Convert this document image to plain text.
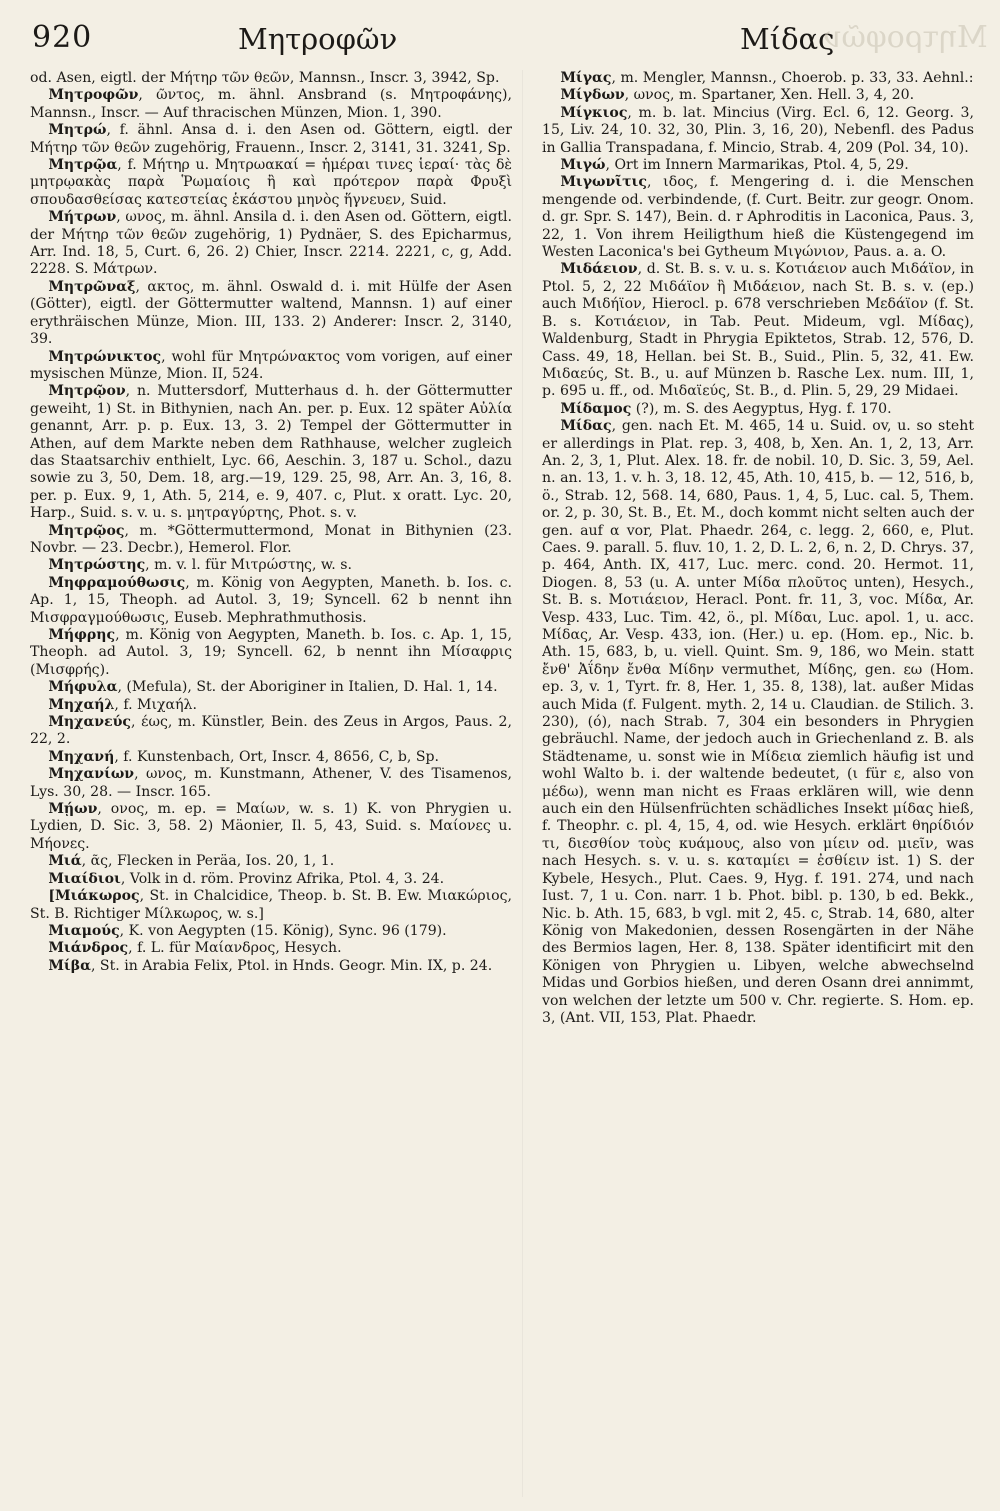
920	Μητροφῶν	Μίδας
Μητροφῶν

od. Asen, eigtl. der Μήτηρ τῶν θεῶν, Mannsn., Inscr. 3, 3942, Sp.

Μητροφῶν, ῶντος, m. ähnl. Ansbrand (s. Μητροφάνης), Mannsn., Inscr. — Auf thracischen Münzen, Mion. 1, 390.

Μητρώ, f. ähnl. Ansa d. i. den Asen od. Göttern, eigtl. der Μήτηρ τῶν θεῶν zugehörig, Frauenn., Inscr. 2, 3141, 31. 3241, Sp.

Μητρῷα, f. Μήτηρ u. Μητρωακαί = ἡμέραι τινες ἱεραί· τὰς δὲ μητρῳακὰς παρὰ Ῥωμαίοις ἢ καὶ πρότερον παρὰ Φρυξὶ σπουδασθείσας κατεστείας ἑκάστου μηνὸς ἥγνευεν, Suid.

Μήτρων, ωνος, m. ähnl. Ansila d. i. den Asen od. Göttern, eigtl. der Μήτηρ τῶν θεῶν zugehörig, 1) Pydnäer, S. des Epicharmus, Arr. Ind. 18, 5, Curt. 6, 26. 2) Chier, Inscr. 2214. 2221, c, g, Add. 2228. S. Μάτρων.

Μητρῶναξ, ακτος, m. ähnl. Oswald d. i. mit Hülfe der Asen (Götter), eigtl. der Göttermutter waltend, Mannsn. 1) auf einer erythräischen Münze, Mion. III, 133. 2) Anderer: Inscr. 2, 3140, 39.

Μητρώνικτος, wohl für Μητρώνακτος vom vorigen, auf einer mysischen Münze, Mion. II, 524.

Μητρῷον, n. Muttersdorf, Mutterhaus d. h. der Göttermutter geweiht, 1) St. in Bithynien, nach An. per. p. Eux. 12 später Αὐλία genannt, Arr. p. p. Eux. 13, 3. 2) Tempel der Göttermutter in Athen, auf dem Markte neben dem Rathhause, welcher zugleich das Staatsarchiv enthielt, Lyc. 66, Aeschin. 3, 187 u. Schol., dazu sowie zu 3, 50, Dem. 18, arg.—19, 129. 25, 98, Arr. An. 3, 16, 8. per. p. Eux. 9, 1, Ath. 5, 214, e. 9, 407. c, Plut. x oratt. Lyc. 20, Harp., Suid. s. v. u. s. μητραγύρτης, Phot. s. v.

Μητρῷος, m. *Göttermuttermond, Monat in Bithynien (23. Novbr. — 23. Decbr.), Hemerol. Flor.

Μητρώστης, m. v. l. für Μιτρώστης, w. s.

Μηφραμούθωσις, m. König von Aegypten, Maneth. b. Ios. c. Ap. 1, 15, Theoph. ad Autol. 3, 19; Syncell. 62 b nennt ihn Μισφραγμούθωσις, Euseb. Mephrathmuthosis.

Μήφρης, m. König von Aegypten, Maneth. b. Ios. c. Ap. 1, 15, Theoph. ad Autol. 3, 19; Syncell. 62, b nennt ihn Μίσαφρις (Μισφρής).

Μήφυλα, (Mefula), St. der Aboriginer in Italien, D. Hal. 1, 14.

Μηχαήλ, f. Μιχαήλ.

Μηχανεύς, έως, m. Künstler, Bein. des Zeus in Argos, Paus. 2, 22, 2.

Μηχανή, f. Kunstenbach, Ort, Inscr. 4, 8656, C, b, Sp.

Μηχανίων, ωνος, m. Kunstmann, Athener, V. des Tisamenos, Lys. 30, 28. — Inscr. 165.

Μῄων, ονος, m. ep. = Μαίων, w. s. 1) K. von Phrygien u. Lydien, D. Sic. 3, 58. 2) Mäonier, Il. 5, 43, Suid. s. Μαίονες u. Μήονες.

Μιά, ᾶς, Flecken in Peräa, Ios. 20, 1, 1.

Μιαίδιοι, Volk in d. röm. Provinz Afrika, Ptol. 4, 3. 24.

[Μιάκωρος, St. in Chalcidice, Theop. b. St. B. Ew. Μιακώριος, St. B. Richtiger Μίλκωρος, w. s.]

Μιαμούς, K. von Aegypten (15. König), Sync. 96 (179).

Μιάνδρος, f. L. für Μαίανδρος, Hesych.

Μίβα, St. in Arabia Felix, Ptol. in Hnds. Geogr. Min. IX, p. 24.

Μίγας, m. Mengler, Mannsn., Choerob. p. 33, 33. Aehnl.:

Μίγδων, ωνος, m. Spartaner, Xen. Hell. 3, 4, 20.

Μίγκιος, m. b. lat. Mincius (Virg. Ecl. 6, 12. Georg. 3, 15, Liv. 24, 10. 32, 30, Plin. 3, 16, 20), Nebenfl. des Padus in Gallia Transpadana, f. Mincio, Strab. 4, 209 (Pol. 34, 10).

Μιγώ, Ort im Innern Marmarikas, Ptol. 4, 5, 29.

Μιγωνῖτις, ιδος, f. Mengering d. i. die Menschen mengende od. verbindende, (f. Curt. Beitr. zur geogr. Onom. d. gr. Spr. S. 147), Bein. d. r Aphroditis in Laconica, Paus. 3, 22, 1. Von ihrem Heiligthum hieß die Küstengegend im Westen Laconica's bei Gytheum Μιγώνιον, Paus. a. a. O.

Μιδάειον, d. St. B. s. v. u. s. Κοτιάειον auch Μιδάϊον, in Ptol. 5, 2, 22 Μιδάϊον ἢ Μιδάειον, nach St. B. s. v. (ep.) auch Μιδήϊον, Hierocl. p. 678 verschrieben Μεδάϊον (f. St. B. s. Κοτιάειον, in Tab. Peut. Mideum, vgl. Μίδας), Waldenburg, Stadt in Phrygia Epiktetos, Strab. 12, 576, D. Cass. 49, 18, Hellan. bei St. B., Suid., Plin. 5, 32, 41. Ew. Μιδαεύς, St. B., u. auf Münzen b. Rasche Lex. num. III, 1, p. 695 u. ff., od. Μιδαϊεύς, St. B., d. Plin. 5, 29, 29 Midaei.

Μίδαμος (?), m. S. des Aegyptus, Hyg. f. 170.

Μίδας, gen. nach Et. M. 465, 14 u. Suid. ov, u. so steht er allerdings in Plat. rep. 3, 408, b, Xen. An. 1, 2, 13, Arr. An. 2, 3, 1, Plut. Alex. 18. fr. de nobil. 10, D. Sic. 3, 59, Ael. n. an. 13, 1. v. h. 3, 18. 12, 45, Ath. 10, 415, b. — 12, 516, b, ö., Strab. 12, 568. 14, 680, Paus. 1, 4, 5, Luc. cal. 5, Them. or. 2, p. 30, St. B., Et. M., doch kommt nicht selten auch der gen. auf α vor, Plat. Phaedr. 264, c. legg. 2, 660, e, Plut. Caes. 9. parall. 5. fluv. 10, 1. 2, D. L. 2, 6, n. 2, D. Chrys. 37, p. 464, Anth. IX, 417, Luc. merc. cond. 20. Hermot. 11, Diogen. 8, 53 (u. A. unter Μίδα πλοῦτος unten), Hesych., St. B. s. Μοτιάειον, Heracl. Pont. fr. 11, 3, voc. Μίδα, Ar. Vesp. 433, Luc. Tim. 42, ö., pl. Μίδαι, Luc. apol. 1, u. acc. Μίδας, Ar. Vesp. 433, ion. (Her.) u. ep. (Hom. ep., Nic. b. Ath. 15, 683, b, u. viell. Quint. Sm. 9, 186, wo Mein. statt ἔνθ' Ἀΐδην ἔνθα Μίδην vermuthet, Μίδης, gen. εω (Hom. ep. 3, v. 1, Tyrt. fr. 8, Her. 1, 35. 8, 138), lat. außer Midas auch Mida (f. Fulgent. myth. 2, 14 u. Claudian. de Stilich. 3. 230), (ό), nach Strab. 7, 304 ein besonders in Phrygien gebräuchl. Name, der jedoch auch in Griechenland z. B. als Städtename, u. sonst wie in Μίδεια ziemlich häufig ist und wohl Walto b. i. der waltende bedeutet, (ι für ε, also von μέδω), wenn man nicht es Fraas erklären will, wie denn auch ein den Hülsenfrüchten schädliches Insekt μίδας hieß, f. Theophr. c. pl. 4, 15, 4, od. wie Hesych. erklärt θηρίδιόν τι, διεσθίον τοὺς κυάμους, also von μίειν od. μιεῖν, was nach Hesych. s. v. u. s. καταμίει = ἐσθίειν ist. 1) S. der Kybele, Hesych., Plut. Caes. 9, Hyg. f. 191. 274, und nach Iust. 7, 1 u. Con. narr. 1 b. Phot. bibl. p. 130, b ed. Bekk., Nic. b. Ath. 15, 683, b vgl. mit 2, 45. c, Strab. 14, 680, alter König von Makedonien, dessen Rosengärten in der Nähe des Bermios lagen, Her. 8, 138. Später identificirt mit den Königen von Phrygien u. Libyen, welche abwechselnd Midas und Gorbios hießen, und deren Osann drei annimmt, von welchen der letzte um 500 v. Chr. regierte. S. Hom. ep. 3, (Ant. VII, 153, Plat. Phaedr.
